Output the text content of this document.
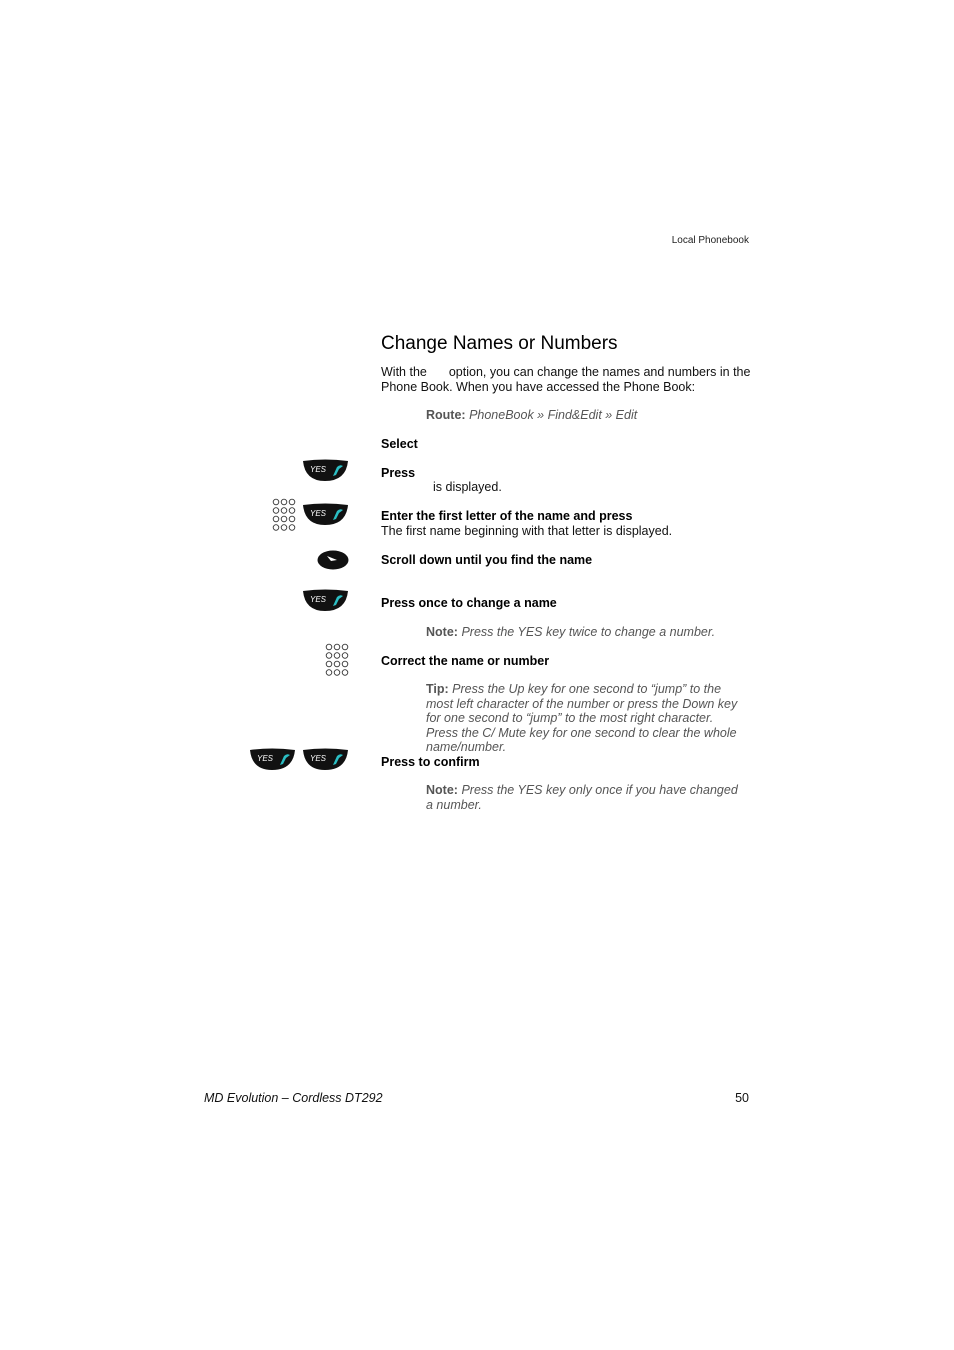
Local Phonebook
Change Names or Numbers
With the option, you can change the names and numbers in the Phone Book. When you have accessed the Phone Book:
Route: PhoneBook » Find&Edit » Edit
Select
YES	Press
is displayed.
YES	Enter the first letter of the name and press
The first name beginning with that letter is displayed.
Scroll down until you find the name
YES	Press once to change a name
Note: Press the YES key twice to change a number.
Correct the name or number
Tip: Press the Up key for one second to “jump” to the most left character of the number or press the Down key for one second to “jump” to the most right character. Press the C/ Mute key for one second to clear the whole name/number.
YES	YES	Press to confirm
Note: Press the YES key only once if you have changed a number.
MD Evolution – Cordless DT292	50
